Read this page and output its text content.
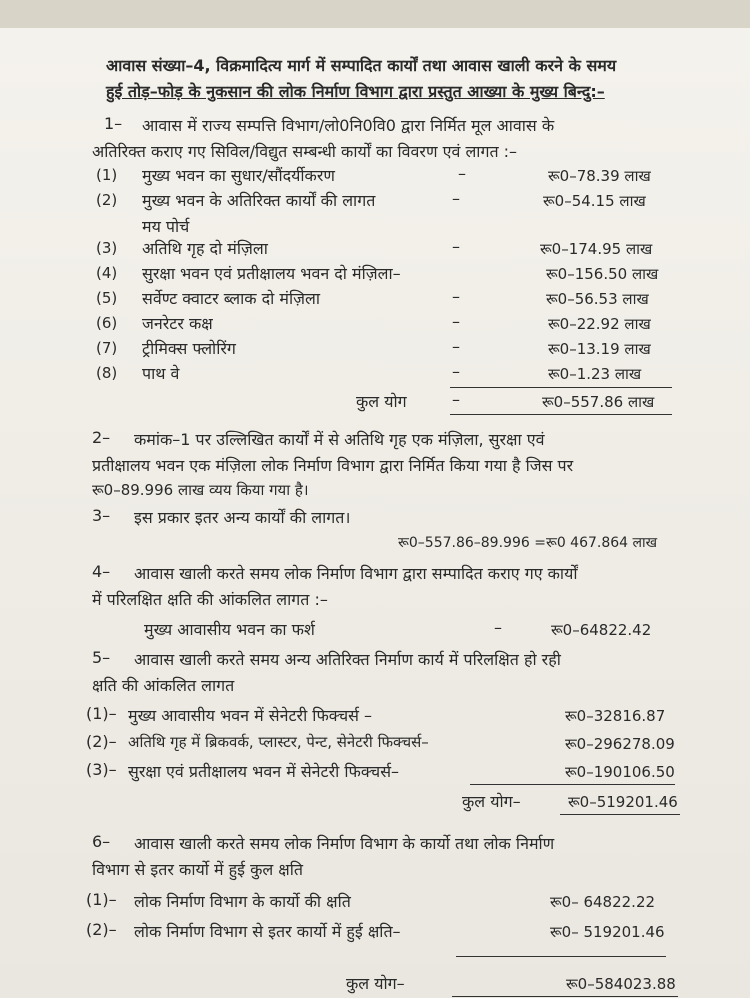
आवास संख्या–4, विक्रमादित्य मार्ग में सम्पादित कार्यों तथा आवास खाली करने के समय
हुई तोड़–फोड़ के नुकसान की लोक निर्माण विभाग द्वारा प्रस्तुत आख्या के मुख्य बिन्दु:–
1– आवास में राज्य सम्पत्ति विभाग/लो0नि0वि0 द्वारा निर्मित मूल आवास के
अतिरिक्त कराए गए सिविल/विद्युत सम्बन्धी कार्यों का विवरण एवं लागत :–
(1) मुख्य भवन का सुधार/सौंदर्यीकरण	–	रू0–78.39 लाख
(2) मुख्य भवन के अतिरिक्त कार्यों की लागत	–	रू0–54.15 लाख
मय पोर्च
(3) अतिथि गृह दो मंज़िला	–	रू0–174.95 लाख
(4) सुरक्षा भवन एवं प्रतीक्षालय भवन दो मंज़िला–	रू0–156.50 लाख
(5) सर्वेण्ट क्वाटर ब्लाक दो मंज़िला	–	रू0–56.53 लाख
(6) जनरेटर कक्ष	–	रू0–22.92 लाख
(7) ट्रीमिक्स फ्लोरिंग	–	रू0–13.19 लाख
(8) पाथ वे	–	रू0–1.23 लाख
कुल योग	–	रू0–557.86 लाख
2– कमांक–1 पर उल्लिखित कार्यों में से अतिथि गृह एक मंज़िला, सुरक्षा एवं
प्रतीक्षालय भवन एक मंज़िला लोक निर्माण विभाग द्वारा निर्मित किया गया है जिस पर
रू0–89.996 लाख व्यय किया गया है।
3– इस प्रकार इतर अन्य कार्यों की लागत।
रू0–557.86–89.996 =रू0 467.864 लाख
4– आवास खाली करते समय लोक निर्माण विभाग द्वारा सम्पादित कराए गए कार्यों
में परिलक्षित क्षति की आंकलित लागत :–
मुख्य आवासीय भवन का फर्श	–	रू0–64822.42
5– आवास खाली करते समय अन्य अतिरिक्त निर्माण कार्य में परिलक्षित हो रही
क्षति की आंकलित लागत
(1)– मुख्य आवासीय भवन में सेनेटरी फिक्चर्स –	रू0–32816.87
(2)– अतिथि गृह में ब्रिकवर्क, प्लास्टर, पेन्ट, सेनेटरी फिक्चर्स–	रू0–296278.09
(3)– सुरक्षा एवं प्रतीक्षालय भवन में सेनेटरी फिक्चर्स–	रू0–190106.50
कुल योग–	रू0–519201.46
6– आवास खाली करते समय लोक निर्माण विभाग के कार्यो तथा लोक निर्माण
विभाग से इतर कार्यो में हुई कुल क्षति
(1)– लोक निर्माण विभाग के कार्यो की क्षति	रू0– 64822.22
(2)– लोक निर्माण विभाग से इतर कार्यो में हुई क्षति–	रू0– 519201.46
कुल योग–	रू0–584023.88
